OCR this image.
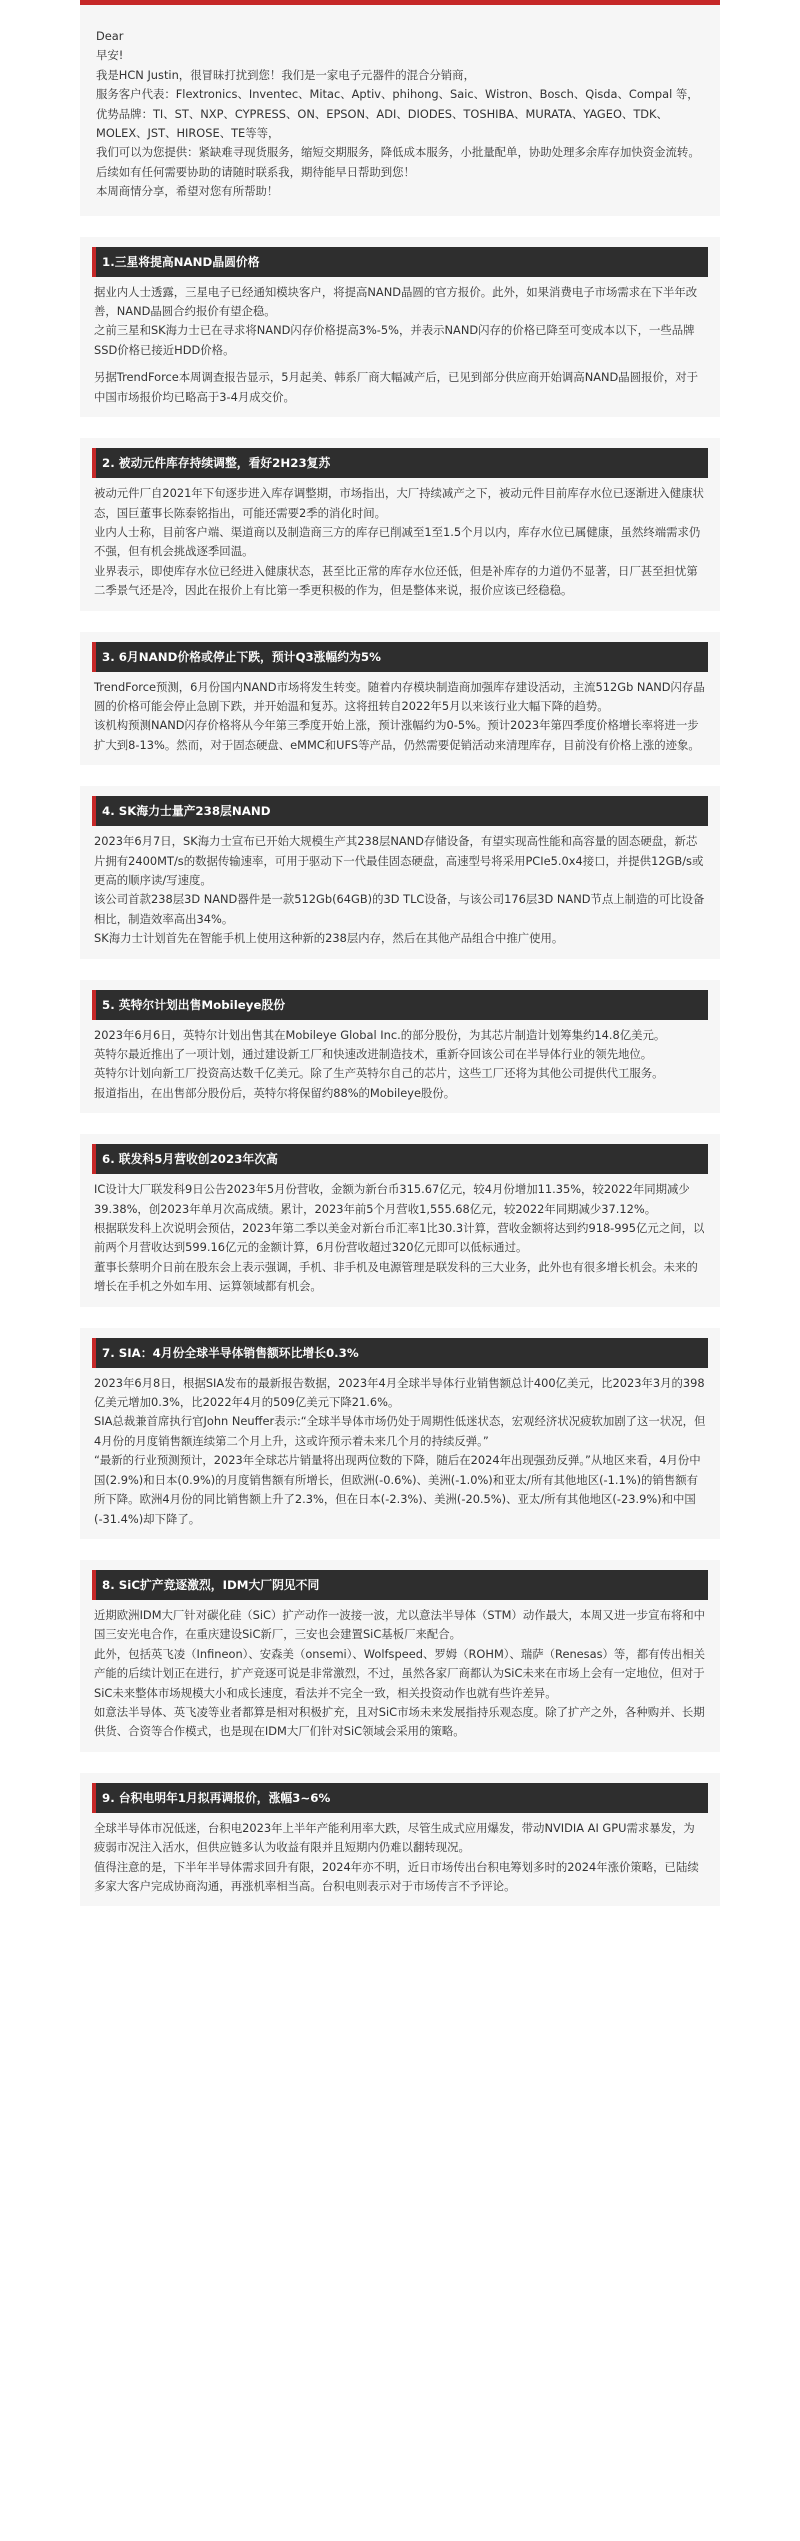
Dear

早安!

我是HCN Justin，很冒昧打扰到您！我们是一家电子元器件的混合分销商，

服务客户代表：Flextronics、Inventec、Mitac、Aptiv、phihong、Saic、Wistron、Bosch、Qisda、Compal 等，

优势品牌：TI、ST、NXP、CYPRESS、ON、EPSON、ADI、DIODES、TOSHIBA、MURATA、YAGEO、TDK、MOLEX、JST、HIROSE、TE等等，

我们可以为您提供：紧缺难寻现货服务，缩短交期服务，降低成本服务，小批量配单，协助处理多余库存加快资金流转。

后续如有任何需要协助的请随时联系我，期待能早日帮助到您！

本周商情分享，希望对您有所帮助！

1.三星将提高NAND晶圆价格

据业内人士透露，三星电子已经通知模块客户，将提高NAND晶圆的官方报价。此外，如果消费电子市场需求在下半年改善，NAND晶圆合约报价有望企稳。

之前三星和SK海力士已在寻求将NAND闪存价格提高3%-5%，并表示NAND闪存的价格已降至可变成本以下，一些品牌SSD价格已接近HDD价格。

另据TrendForce本周调查报告显示，5月起美、韩系厂商大幅减产后，已见到部分供应商开始调高NAND晶圆报价，对于中国市场报价均已略高于3-4月成交价。

2. 被动元件库存持续调整，看好2H23复苏

被动元件厂自2021年下旬逐步进入库存调整期，市场指出，大厂持续减产之下，被动元件目前库存水位已逐渐进入健康状态，国巨董事长陈泰铭指出，可能还需要2季的消化时间。

业内人士称，目前客户端、渠道商以及制造商三方的库存已削减至1至1.5个月以内，库存水位已属健康，虽然终端需求仍不强，但有机会挑战逐季回温。

业界表示，即使库存水位已经进入健康状态，甚至比正常的库存水位还低，但是补库存的力道仍不显著，日厂甚至担忧第二季景气还是冷，因此在报价上有比第一季更积极的作为，但是整体来说，报价应该已经稳稳。

3. 6月NAND价格或停止下跌，预计Q3涨幅约为5%

TrendForce预测，6月份国内NAND市场将发生转变。随着内存模块制造商加强库存建设活动，主流512Gb NAND闪存晶圆的价格可能会停止急剧下跌，并开始温和复苏。这将扭转自2022年5月以来该行业大幅下降的趋势。

该机构预测NAND闪存价格将从今年第三季度开始上涨，预计涨幅约为0-5%。预计2023年第四季度价格增长率将进一步扩大到8-13%。然而，对于固态硬盘、eMMC和UFS等产品，仍然需要促销活动来清理库存，目前没有价格上涨的迹象。

4. SK海力士量产238层NAND

2023年6月7日，SK海力士宣布已开始大规模生产其238层NAND存储设备，有望实现高性能和高容量的固态硬盘，新芯片拥有2400MT/s的数据传输速率，可用于驱动下一代最佳固态硬盘，高速型号将采用PCIe5.0x4接口，并提供12GB/s或更高的顺序读/写速度。

该公司首款238层3D NAND器件是一款512Gb(64GB)的3D TLC设备，与该公司176层3D NAND节点上制造的可比设备相比，制造效率高出34%。

SK海力士计划首先在智能手机上使用这种新的238层内存，然后在其他产品组合中推广使用。

5. 英特尔计划出售Mobileye股份

2023年6月6日，英特尔计划出售其在Mobileye Global Inc.的部分股份，为其芯片制造计划筹集约14.8亿美元。

英特尔最近推出了一项计划，通过建设新工厂和快速改进制造技术，重新夺回该公司在半导体行业的领先地位。

英特尔计划向新工厂投资高达数千亿美元。除了生产英特尔自己的芯片，这些工厂还将为其他公司提供代工服务。

报道指出，在出售部分股份后，英特尔将保留约88%的Mobileye股份。

6. 联发科5月营收创2023年次高

IC设计大厂联发科9日公告2023年5月份营收，金额为新台币315.67亿元，较4月份增加11.35%，较2022年同期减少39.38%，创2023年单月次高成绩。累计，2023年前5个月营收1,555.68亿元，较2022年同期减少37.12%。

根据联发科上次说明会预估，2023年第二季以美金对新台币汇率1比30.3计算，营收金额将达到约918-995亿元之间，以前两个月营收达到599.16亿元的金额计算，6月份营收超过320亿元即可以低标通过。

董事长蔡明介日前在股东会上表示强调，手机、非手机及电源管理是联发科的三大业务，此外也有很多增长机会。未来的增长在手机之外如车用、运算领域都有机会。

7. SIA：4月份全球半导体销售额环比增长0.3%

2023年6月8日，根据SIA发布的最新报告数据，2023年4月全球半导体行业销售额总计400亿美元，比2023年3月的398亿美元增加0.3%，比2022年4月的509亿美元下降21.6%。

SIA总裁兼首席执行官John Neuffer表示:“全球半导体市场仍处于周期性低迷状态，宏观经济状况疲软加剧了这一状况，但4月份的月度销售额连续第二个月上升，这或许预示着未来几个月的持续反弹。”

“最新的行业预测预计，2023年全球芯片销量将出现两位数的下降，随后在2024年出现强劲反弹。”从地区来看，4月份中国(2.9%)和日本(0.9%)的月度销售额有所增长，但欧洲(-0.6%)、美洲(-1.0%)和亚太/所有其他地区(-1.1%)的销售额有所下降。欧洲4月份的同比销售额上升了2.3%，但在日本(-2.3%)、美洲(-20.5%)、亚太/所有其他地区(-23.9%)和中国(-31.4%)却下降了。

8. SiC扩产竞逐激烈，IDM大厂阴见不同

近期欧洲IDM大厂针对碳化硅（SiC）扩产动作一波接一波，尤以意法半导体（STM）动作最大，本周又进一步宣布将和中国三安光电合作，在重庆建设SiC新厂，三安也会建置SiC基板厂来配合。

此外，包括英飞凌（Infineon）、安森美（onsemi）、Wolfspeed、罗姆（ROHM）、瑞萨（Renesas）等，都有传出相关产能的后续计划正在进行，扩产竞逐可说是非常激烈，不过，虽然各家厂商都认为SiC未来在市场上会有一定地位，但对于SiC未来整体市场规模大小和成长速度，看法并不完全一致，相关投资动作也就有些许差异。

如意法半导体、英飞凌等业者都算是相对积极扩充，且对SiC市场未来发展指持乐观态度。除了扩产之外，各种购并、长期供货、合资等合作模式，也是现在IDM大厂们针对SiC领域会采用的策略。

9. 台积电明年1月拟再调报价，涨幅3~6%

全球半导体市况低迷，台积电2023年上半年产能利用率大跌，尽管生成式应用爆发，带动NVIDIA AI GPU需求暴发，为疲弱市况注入活水，但供应链多认为收益有限并且短期内仍难以翻转现况。

值得注意的是，下半年半导体需求回升有限，2024年亦不明，近日市场传出台积电筹划多时的2024年涨价策略，已陆续多家大客户完成协商沟通，再涨机率相当高。台积电则表示对于市场传言不予评论。
